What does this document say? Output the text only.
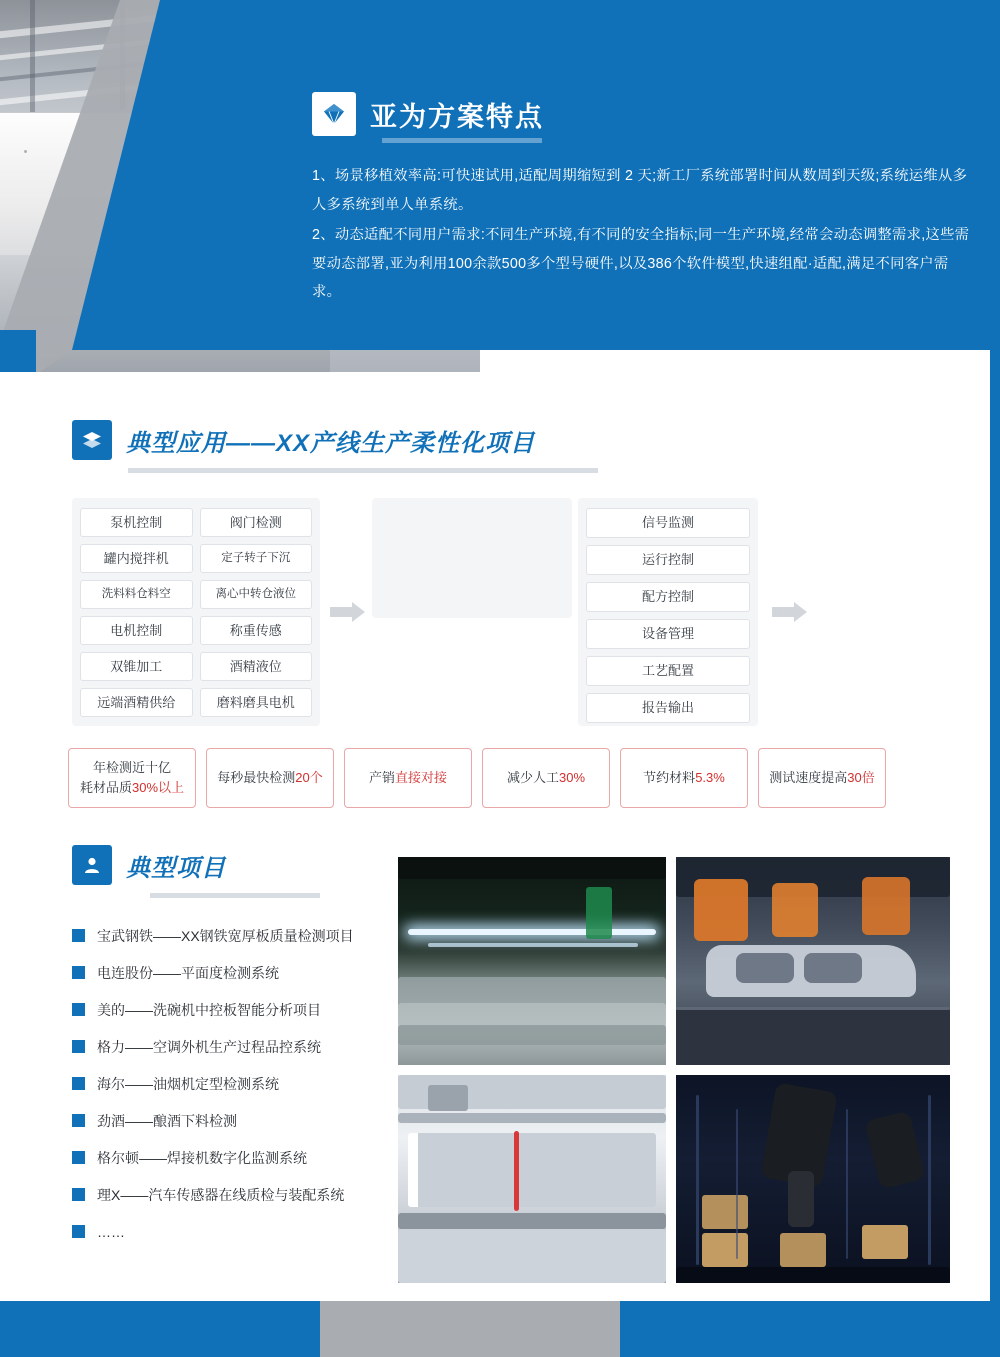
亚为方案特点
1、场景移植效率高:可快速试用,适配周期缩短到 2 天;新工厂系统部署时间从数周到天级;系统运维从多人多系统到单人单系统。
2、动态适配不同用户需求:不同生产环境,有不同的安全指标;同一生产环境,经常会动态调整需求,这些需要动态部署,亚为利用100余款500多个型号硬件,以及386个软件模型,快速组配·适配,满足不同客户需求。
典型应用——XX产线生产柔性化项目
泵机控制	阀门检测
罐内搅拌机	定子转子下沉
洗料料仓料空	离心中转仓液位
电机控制	称重传感
双锥加工	酒精液位
远端酒精供给	磨料磨具电机
信号监测
运行控制
配方控制
设备管理
工艺配置
报告输出
年检测近十亿
耗材品质30%以上
每秒最快检测20个	产销直接对接	减少人工30%	节约材料5.3%	测试速度提高30倍
典型项目
宝武钢铁——XX钢铁宽厚板质量检测项目
电连股份——平面度检测系统
美的——洗碗机中控板智能分析项目
格力——空调外机生产过程品控系统
海尔——油烟机定型检测系统
劲酒——酿酒下料检测
格尔顿——焊接机数字化监测系统
理X——汽车传感器在线质检与装配系统
……
